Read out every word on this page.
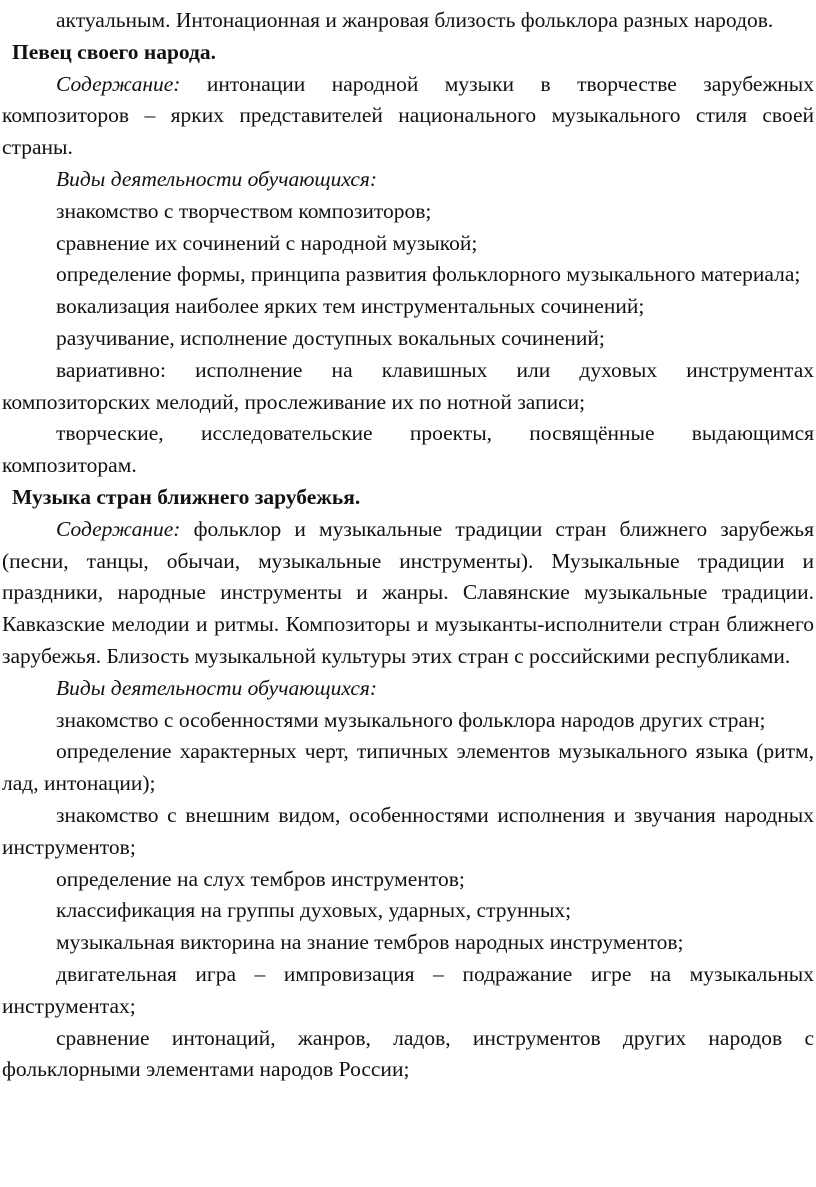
актуальным. Интонационная и жанровая близость фольклора разных народов.

Певец своего народа.

Содержание: интонации народной музыки в творчестве зарубежных композиторов – ярких представителей национального музыкального стиля своей страны.

Виды деятельности обучающихся:

знакомство с творчеством композиторов;

сравнение их сочинений с народной музыкой;

определение формы, принципа развития фольклорного музыкального материала;

вокализация наиболее ярких тем инструментальных сочинений;

разучивание, исполнение доступных вокальных сочинений;

вариативно: исполнение на клавишных или духовых инструментах композиторских мелодий, прослеживание их по нотной записи;

творческие, исследовательские проекты, посвящённые выдающимся композиторам.

Музыка стран ближнего зарубежья.

Содержание: фольклор и музыкальные традиции стран ближнего зарубежья (песни, танцы, обычаи, музыкальные инструменты). Музыкальные традиции и праздники, народные инструменты и жанры. Славянские музыкальные традиции. Кавказские мелодии и ритмы. Композиторы и музыканты-исполнители стран ближнего зарубежья. Близость музыкальной культуры этих стран с российскими республиками.

Виды деятельности обучающихся:

знакомство с особенностями музыкального фольклора народов других стран;

определение характерных черт, типичных элементов музыкального языка (ритм, лад, интонации);

знакомство с внешним видом, особенностями исполнения и звучания народных инструментов;

определение на слух тембров инструментов;

классификация на группы духовых, ударных, струнных;

музыкальная викторина на знание тембров народных инструментов;

двигательная игра – импровизация – подражание игре на музыкальных инструментах;

сравнение интонаций, жанров, ладов, инструментов других народов с фольклорными элементами народов России;
